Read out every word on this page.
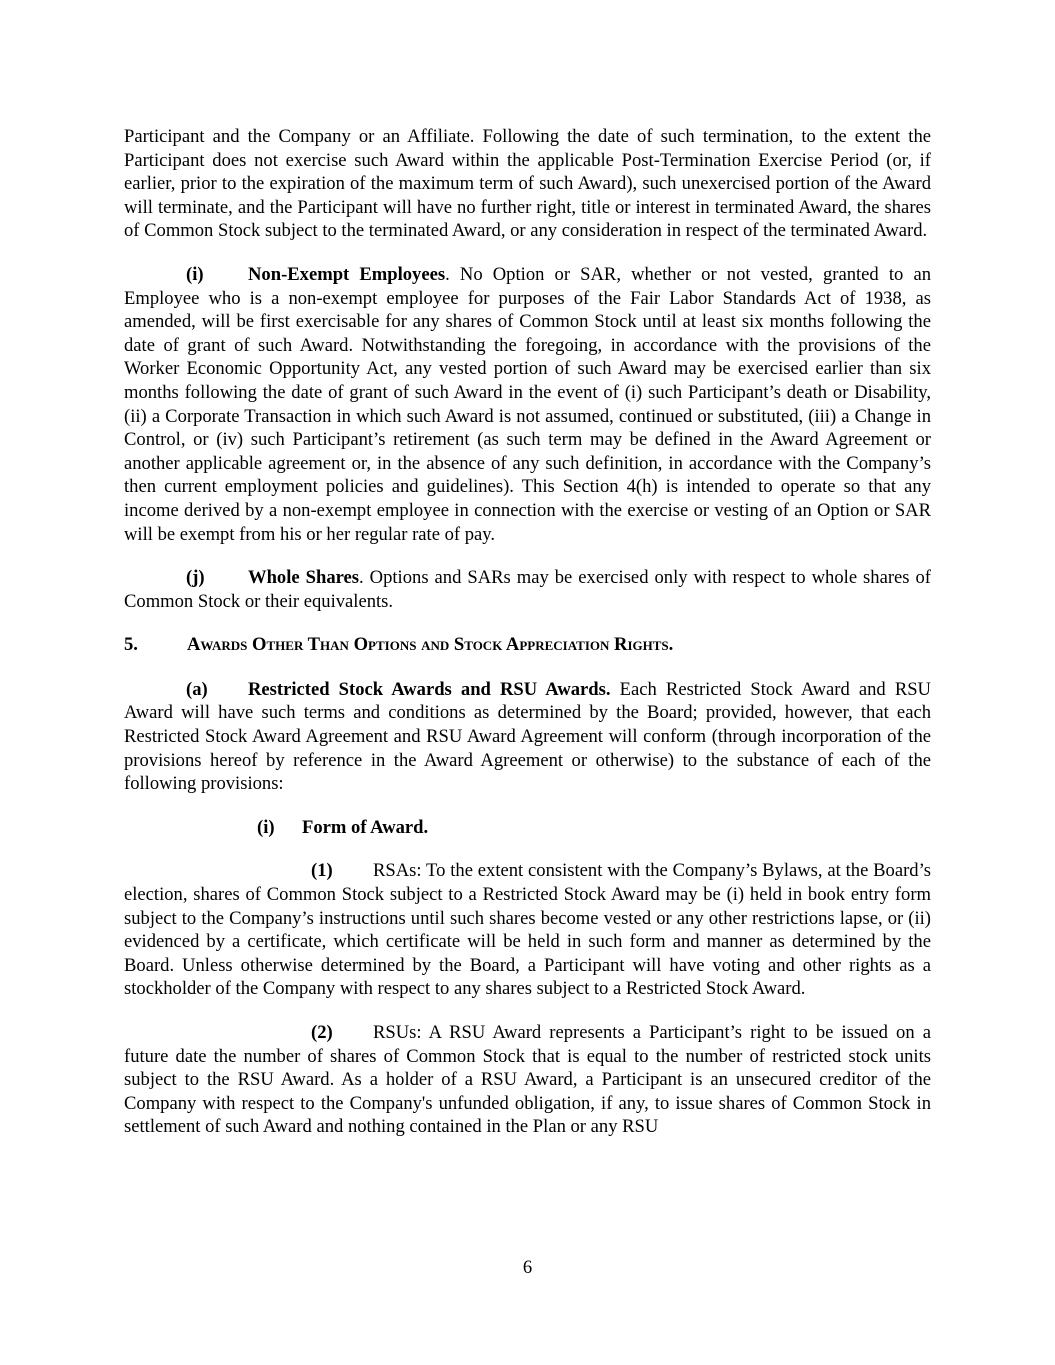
Participant and the Company or an Affiliate. Following the date of such termination, to the extent the Participant does not exercise such Award within the applicable Post-Termination Exercise Period (or, if earlier, prior to the expiration of the maximum term of such Award), such unexercised portion of the Award will terminate, and the Participant will have no further right, title or interest in terminated Award, the shares of Common Stock subject to the terminated Award, or any consideration in respect of the terminated Award.

(i) Non-Exempt Employees. No Option or SAR, whether or not vested, granted to an Employee who is a non-exempt employee for purposes of the Fair Labor Standards Act of 1938, as amended, will be first exercisable for any shares of Common Stock until at least six months following the date of grant of such Award. Notwithstanding the foregoing, in accordance with the provisions of the Worker Economic Opportunity Act, any vested portion of such Award may be exercised earlier than six months following the date of grant of such Award in the event of (i) such Participant’s death or Disability, (ii) a Corporate Transaction in which such Award is not assumed, continued or substituted, (iii) a Change in Control, or (iv) such Participant’s retirement (as such term may be defined in the Award Agreement or another applicable agreement or, in the absence of any such definition, in accordance with the Company’s then current employment policies and guidelines). This Section 4(h) is intended to operate so that any income derived by a non-exempt employee in connection with the exercise or vesting of an Option or SAR will be exempt from his or her regular rate of pay.

(j) Whole Shares. Options and SARs may be exercised only with respect to whole shares of Common Stock or their equivalents.

5.	Awards Other Than Options and Stock Appreciation Rights.

(a) Restricted Stock Awards and RSU Awards. Each Restricted Stock Award and RSU Award will have such terms and conditions as determined by the Board; provided, however, that each Restricted Stock Award Agreement and RSU Award Agreement will conform (through incorporation of the provisions hereof by reference in the Award Agreement or otherwise) to the substance of each of the following provisions:

(i) Form of Award.

(1) RSAs: To the extent consistent with the Company’s Bylaws, at the Board’s election, shares of Common Stock subject to a Restricted Stock Award may be (i) held in book entry form subject to the Company’s instructions until such shares become vested or any other restrictions lapse, or (ii) evidenced by a certificate, which certificate will be held in such form and manner as determined by the Board. Unless otherwise determined by the Board, a Participant will have voting and other rights as a stockholder of the Company with respect to any shares subject to a Restricted Stock Award.

(2) RSUs: A RSU Award represents a Participant’s right to be issued on a future date the number of shares of Common Stock that is equal to the number of restricted stock units subject to the RSU Award. As a holder of a RSU Award, a Participant is an unsecured creditor of the Company with respect to the Company's unfunded obligation, if any, to issue shares of Common Stock in settlement of such Award and nothing contained in the Plan or any RSU

6
